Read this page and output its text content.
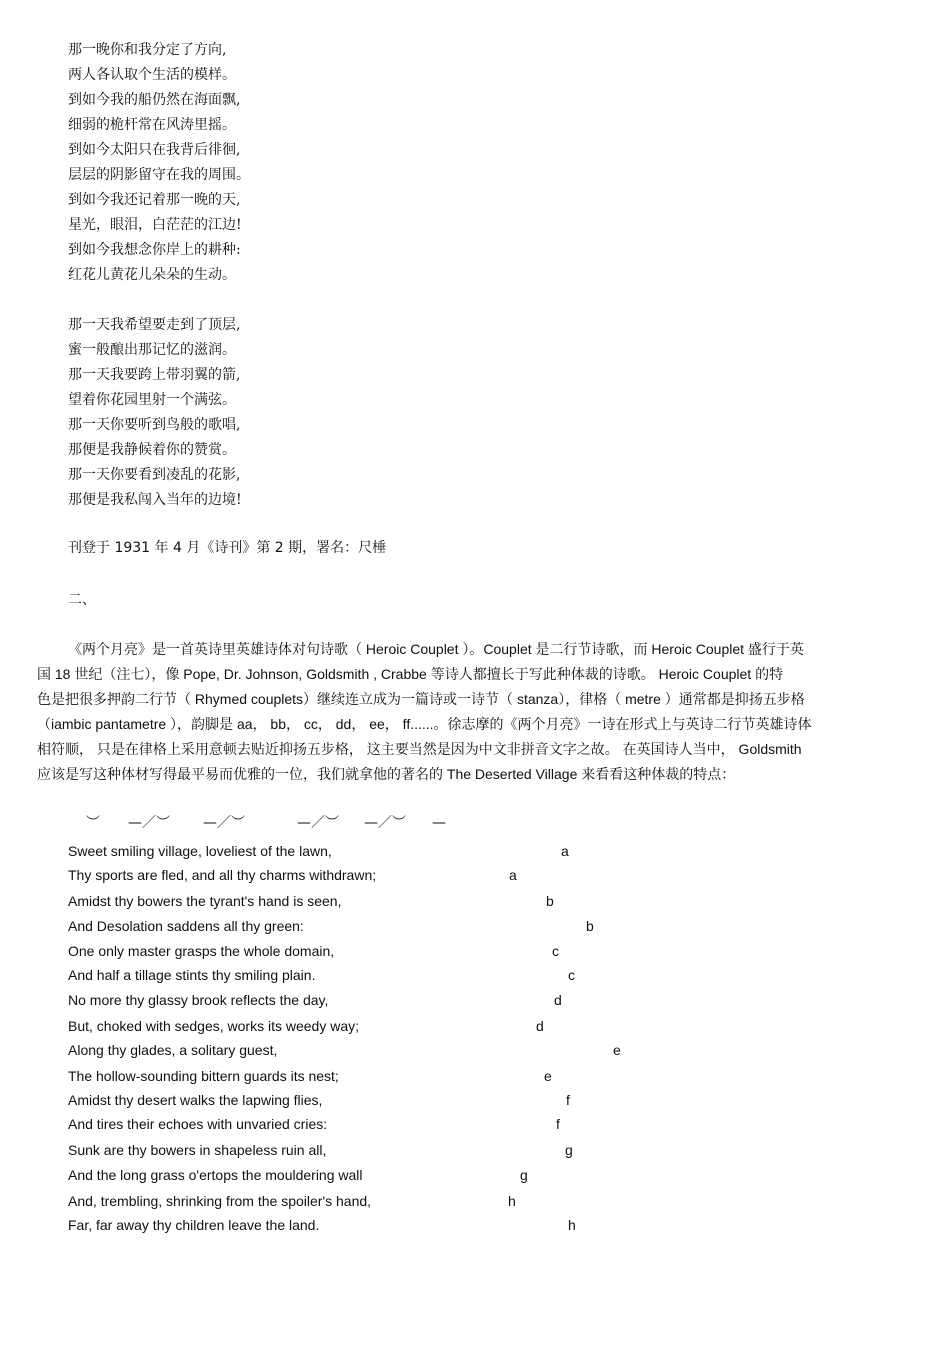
那一晚你和我分定了方向,
两人各认取个生活的模样。
到如今我的船仍然在海面飘,
细弱的桅杆常在风涛里摇。
到如今太阳只在我背后徘徊,
层层的阴影留守在我的周围。
到如今我还记着那一晚的天,
星光，眼泪，白茫茫的江边!
到如今我想念你岸上的耕种:
红花儿黄花儿朵朵的生动。
那一天我希望要走到了顶层,
蜜一般酿出那记忆的滋润。
那一天我要跨上带羽翼的箭,
望着你花园里射一个满弦。
那一天你要听到鸟般的歌唱,
那便是我静候着你的赞赏。
那一天你要看到凌乱的花影,
那便是我私闯入当年的边境!
刊登于 1931 年 4 月《诗刊》第 2 期，署名：尺棰
二、
《两个月亮》是一首英诗里英雄诗体对句诗歌（ Heroic Couplet ）。Couplet 是二行节诗歌，而 Heroic Couplet 盛行于英
国 18 世纪（注七），像 Pope, Dr. Johnson, Goldsmith , Crabbe 等诗人都擅长于写此种体裁的诗歌。 Heroic Couplet 的特
色是把很多押韵二行节（ Rhymed couplets）继续连立成为一篇诗或一诗节（ stanza），律格（ metre ）通常都是抑扬五步格
（iambic pantametre ），韵脚是 aa， bb， cc， dd， ee， ff......。徐志摩的《两个月亮》一诗在形式上与英诗二行节英雄诗体
相符顺， 只是在律格上采用意顿去贴近抑扬五步格， 这主要当然是因为中文非拼音文字之故。 在英国诗人当中， Goldsmith
应该是写这种体材写得最平易而优雅的一位，我们就拿他的著名的 The Deserted Village 来看看这种体裁的特点：
︶ —／︶ —／︶	—／︶ —／︶ —
Sweet smiling village, loveliest of the lawn,	a
Thy sports are fled, and all thy charms withdrawn;	a
Amidst thy bowers the tyrant's hand is seen,	b
And Desolation saddens all thy green:	b
One only master grasps the whole domain,	c
And half a tillage stints thy smiling plain.	c
No more thy glassy brook reflects the day,	d
But, choked with sedges, works its weedy way;	d
Along thy glades, a solitary guest,	e
The hollow-sounding bittern guards its nest;	e
Amidst thy desert walks the lapwing flies,	f
And tires their echoes with unvaried cries:	f
Sunk are thy bowers in shapeless ruin all,	g
And the long grass o'ertops the mouldering wall	g
And, trembling, shrinking from the spoiler's hand,	h
Far, far away thy children leave the land.	h
